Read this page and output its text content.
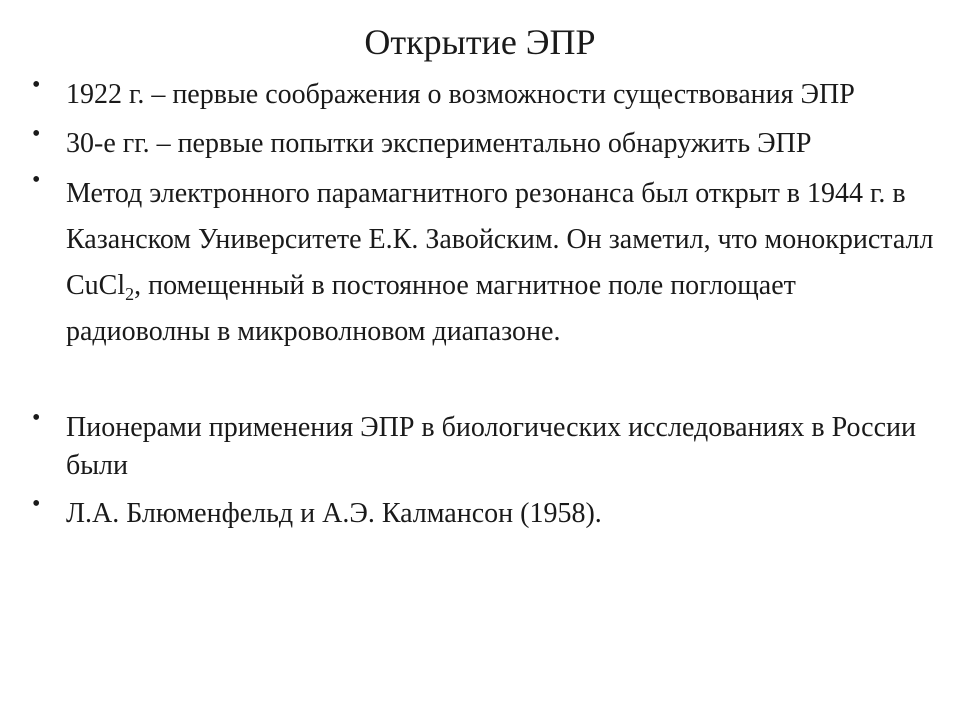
Открытие ЭПР
• 1922 г. – первые соображения о возможности существования ЭПР
• 30-е гг. – первые попытки экспериментально обнаружить ЭПР
• Метод электронного парамагнитного резонанса был открыт в 1944 г. в Казанском Университете Е.К. Завойским. Он заметил, что монокристалл CuCl$_2$, помещенный в постоянное магнитное поле поглощает радиоволны в микроволновом диапазоне.
• Пионерами применения ЭПР в биологических исследованиях в России были
• Л.А. Блюменфельд и А.Э. Калмансон (1958).
